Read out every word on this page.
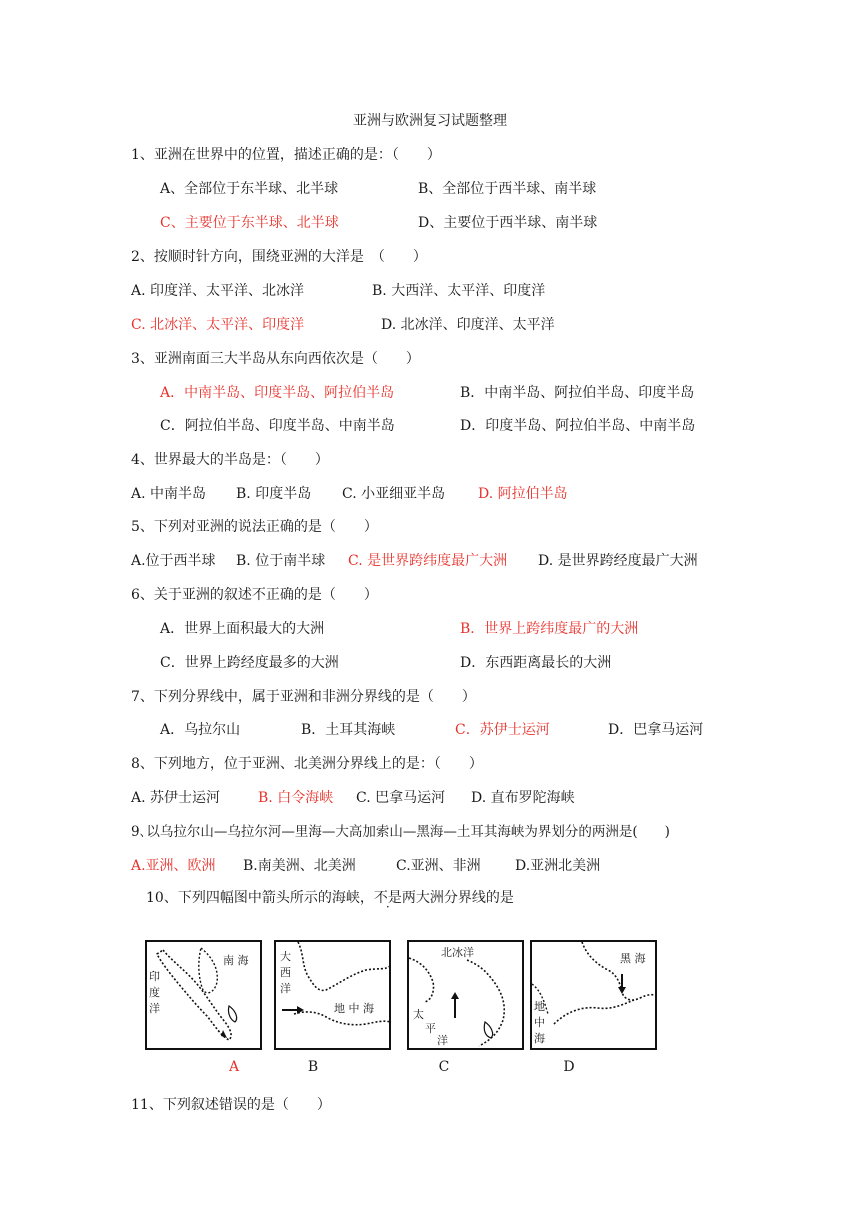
亚洲与欧洲复习试题整理
1、亚洲在世界中的位置，描述正确的是：（　　）
A、全部位于东半球、北半球	B、全部位于西半球、南半球
C、主要位于东半球、北半球	D、主要位于西半球、南半球
2、按顺时针方向，围绕亚洲的大洋是　（　　）
A. 印度洋、太平洋、北冰洋	B. 大西洋、太平洋、印度洋
C. 北冰洋、太平洋、印度洋	D. 北冰洋、印度洋、太平洋
3、亚洲南面三大半岛从东向西依次是（　　）
A．中南半岛、印度半岛、阿拉伯半岛	B．中南半岛、阿拉伯半岛、印度半岛
C．阿拉伯半岛、印度半岛、中南半岛	D．印度半岛、阿拉伯半岛、中南半岛
4、世界最大的半岛是：（　　）
A. 中南半岛 B. 印度半岛 C. 小亚细亚半岛 D. 阿拉伯半岛
5、下列对亚洲的说法正确的是（　　）
A.位于西半球 B. 位于南半球 C. 是世界跨纬度最广大洲 D. 是世界跨经度最广大洲
6、关于亚洲的叙述不正确的是（　　）
A．世界上面积最大的大洲	B．世界上跨纬度最广的大洲
C．世界上跨经度最多的大洲	D．东西距离最长的大洲
7、下列分界线中，属于亚洲和非洲分界线的是（　　）
A．乌拉尔山	B．土耳其海峡	C．苏伊士运河	D．巴拿马运河
8、下列地方，位于亚洲、北美洲分界线上的是：（　　）
A. 苏伊士运河	B. 白令海峡 C. 巴拿马运河 D. 直布罗陀海峡
9､以乌拉尔山—乌拉尔河—里海—大高加索山—黑海—土耳其海峡为界划分的两洲是(　　)
A.亚洲、欧洲 B.南美洲、北美洲	C.亚洲、非洲 D.亚洲北美洲
10、下列四幅图中箭头所示的海峡，不是两大洲分界线的是
南 海
印
度
洋
A
大
西
洋
地 中 海
B
北冰洋
太
平
洋
C
黑 海
地
中
海
D
11、下列叙述错误的是（　　）
